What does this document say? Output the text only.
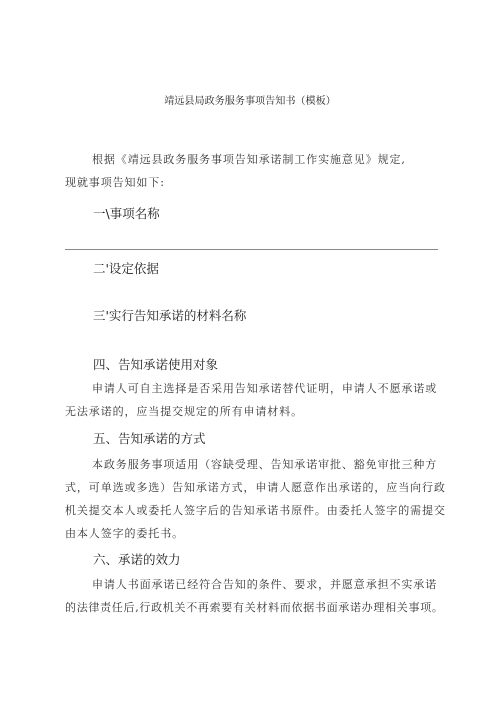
靖远县局政务服务事项告知书（模板）
根据《靖远县政务服务事项告知承诺制工作实施意见》规定,
现就事项告知如下:
一\事项名称
二'设定依据
三'实行告知承诺的材料名称
四、告知承诺使用对象
申请人可自主选择是否采用告知承诺替代证明，申请人不愿承诺或
无法承诺的，应当提交规定的所有申请材料。
五、告知承诺的方式
本政务服务事项适用（容缺受理、告知承诺审批、豁免审批三种方
式，可单选或多选）告知承诺方式，申请人愿意作出承诺的，应当向行政
机关提交本人或委托人签字后的告知承诺书原件。由委托人签字的需提交
由本人签字的委托书。
六、承诺的效力
申请人书面承诺已经符合告知的条件、要求，并愿意承担不实承诺
的法律责任后,行政机关不再索要有关材料而依据书面承诺办理相关事项。
